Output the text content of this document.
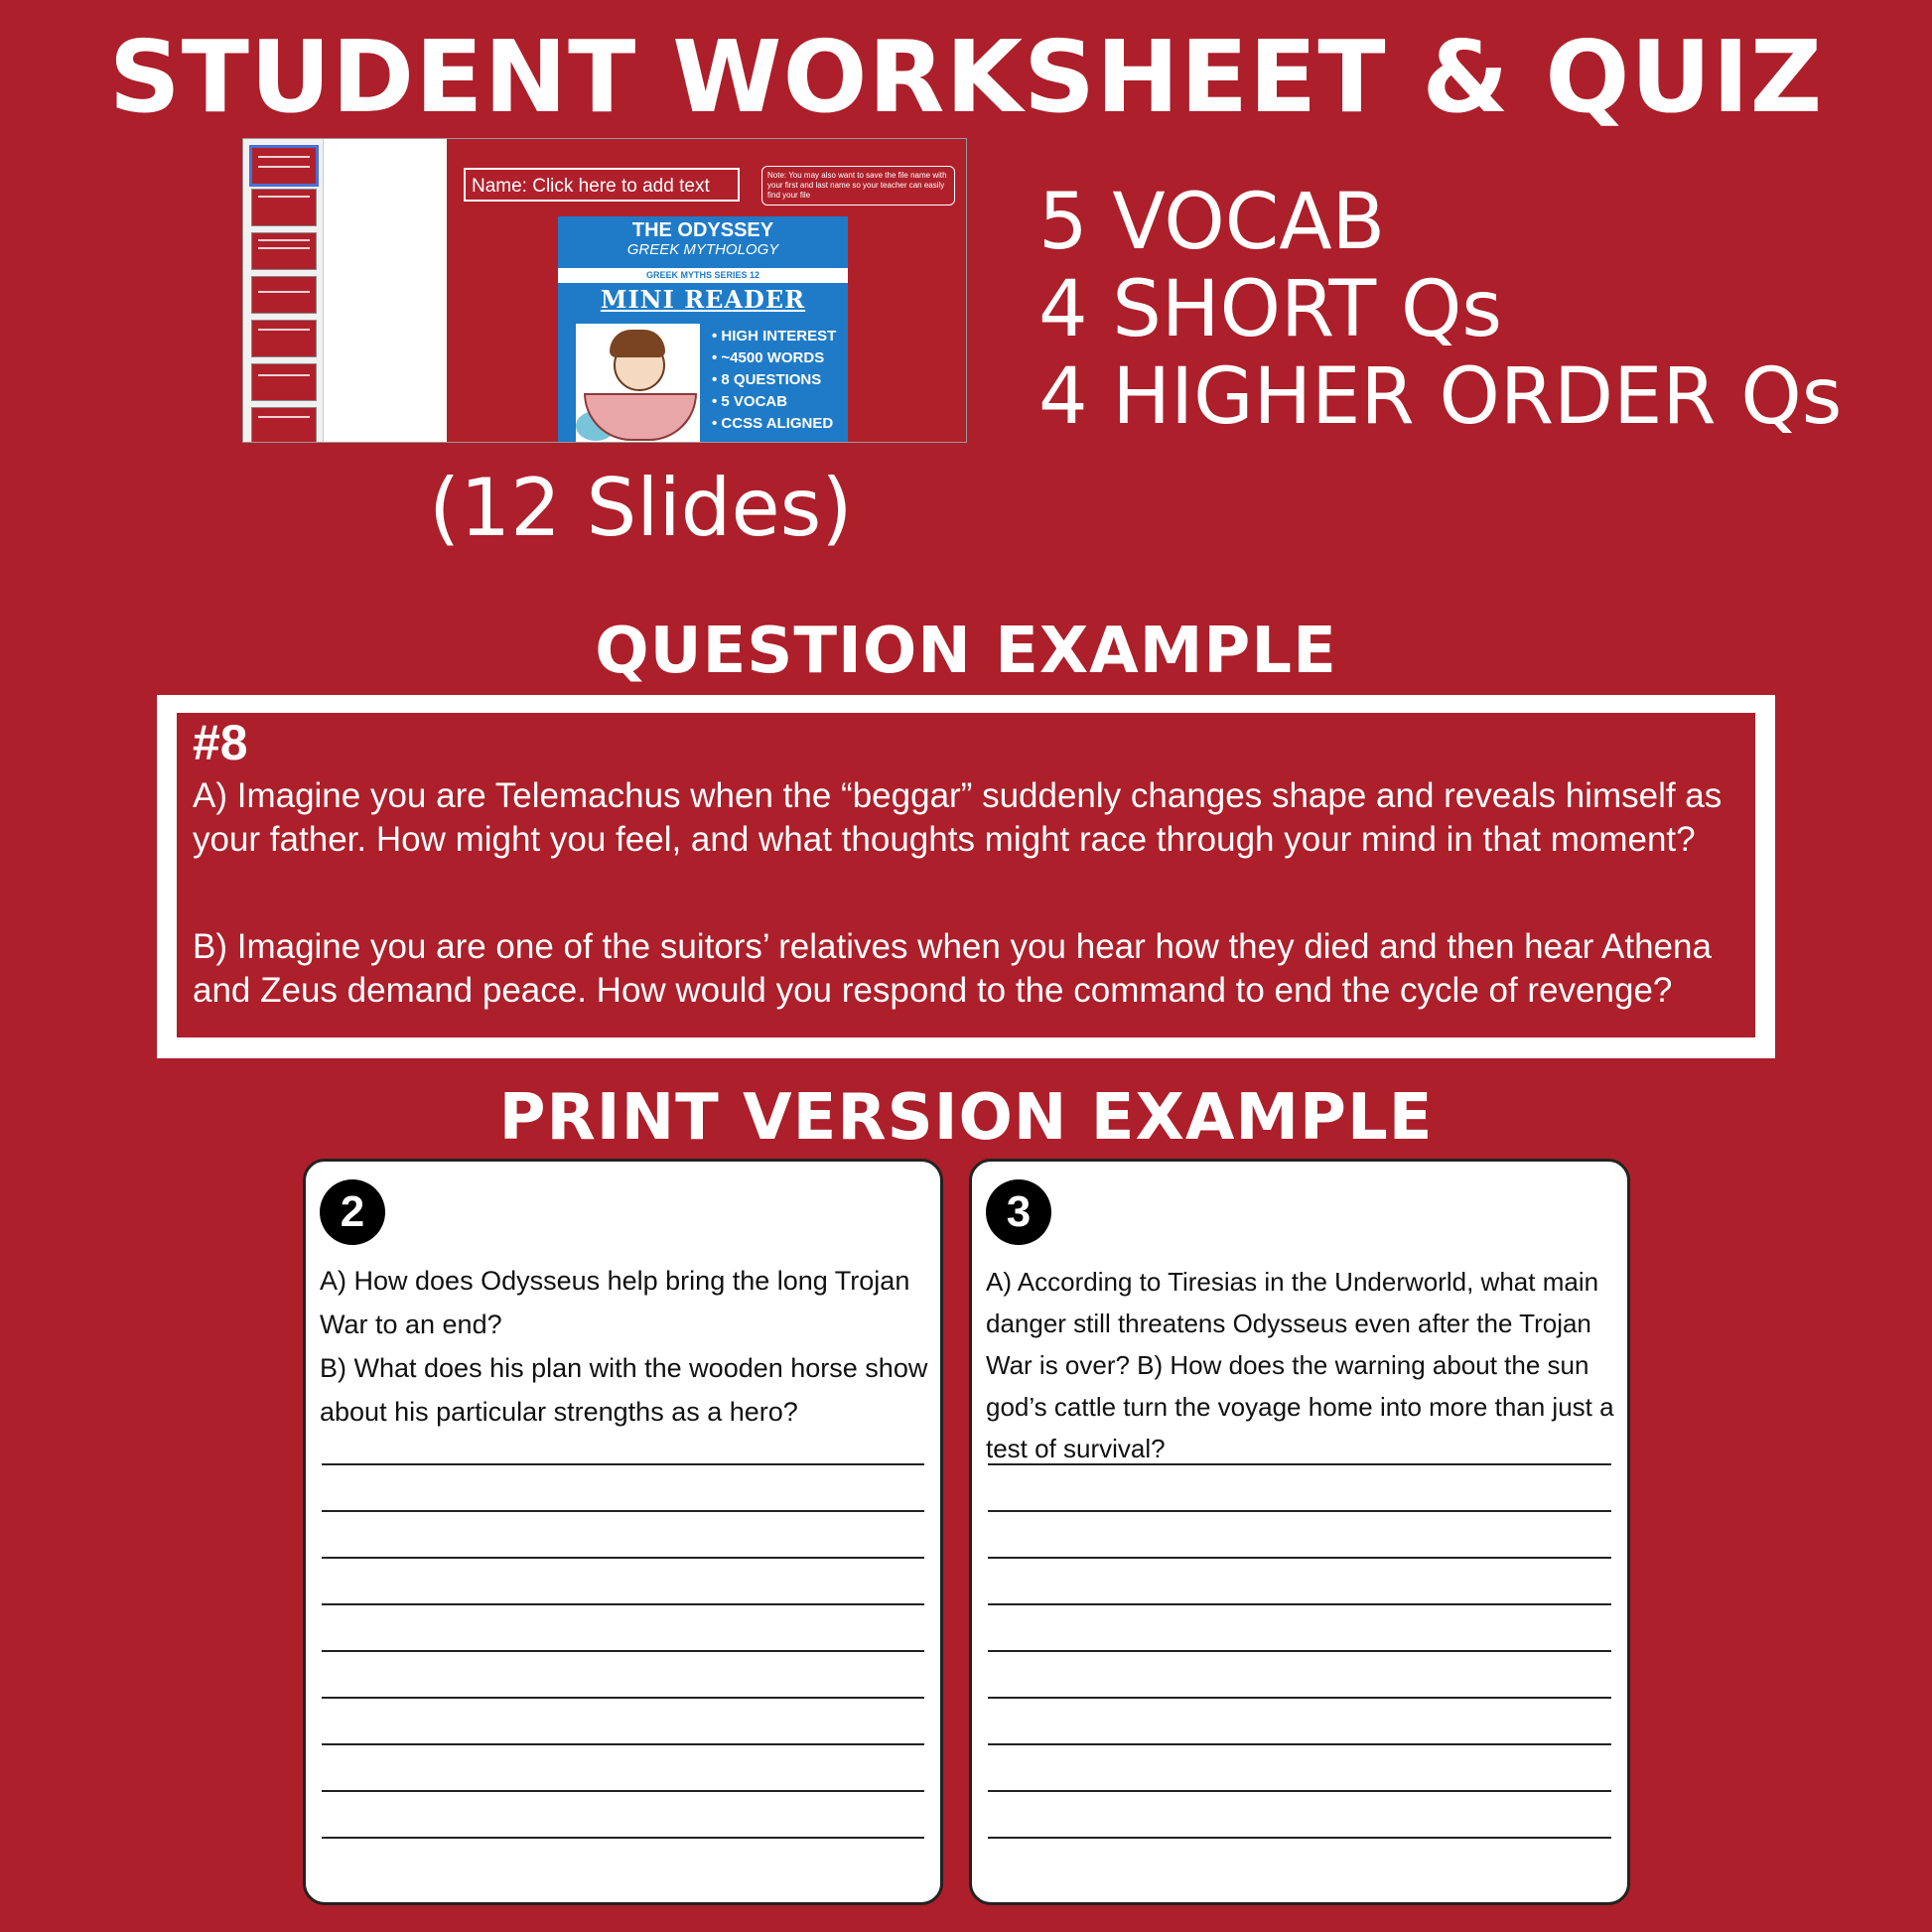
STUDENT WORKSHEET & QUIZ
Name: Click here to add text
Note: You may also want to save the file name with your first and last name so your teacher can easily find your file
THE ODYSSEY
GREEK MYTHOLOGY
GREEK MYTHS SERIES 12
MINI READER
• HIGH INTEREST
• ~4500 WORDS
• 8 QUESTIONS
• 5 VOCAB
• CCSS ALIGNED
5 VOCAB
4 SHORT Qs
4 HIGHER ORDER Qs
(12 Slides)
QUESTION EXAMPLE
#8
A) Imagine you are Telemachus when the “beggar” suddenly changes shape and reveals himself as your father. How might you feel, and what thoughts might race through your mind in that moment?
B) Imagine you are one of the suitors’ relatives when you hear how they died and then hear Athena and Zeus demand peace. How would you respond to the command to end the cycle of revenge?
PRINT VERSION EXAMPLE
2
A) How does Odysseus help bring the long Trojan War to an end?
B) What does his plan with the wooden horse show about his particular strengths as a hero?
3
A) According to Tiresias in the Underworld, what main danger still threatens Odysseus even after the Trojan War is over? B) How does the warning about the sun god’s cattle turn the voyage home into more than just a test of survival?
